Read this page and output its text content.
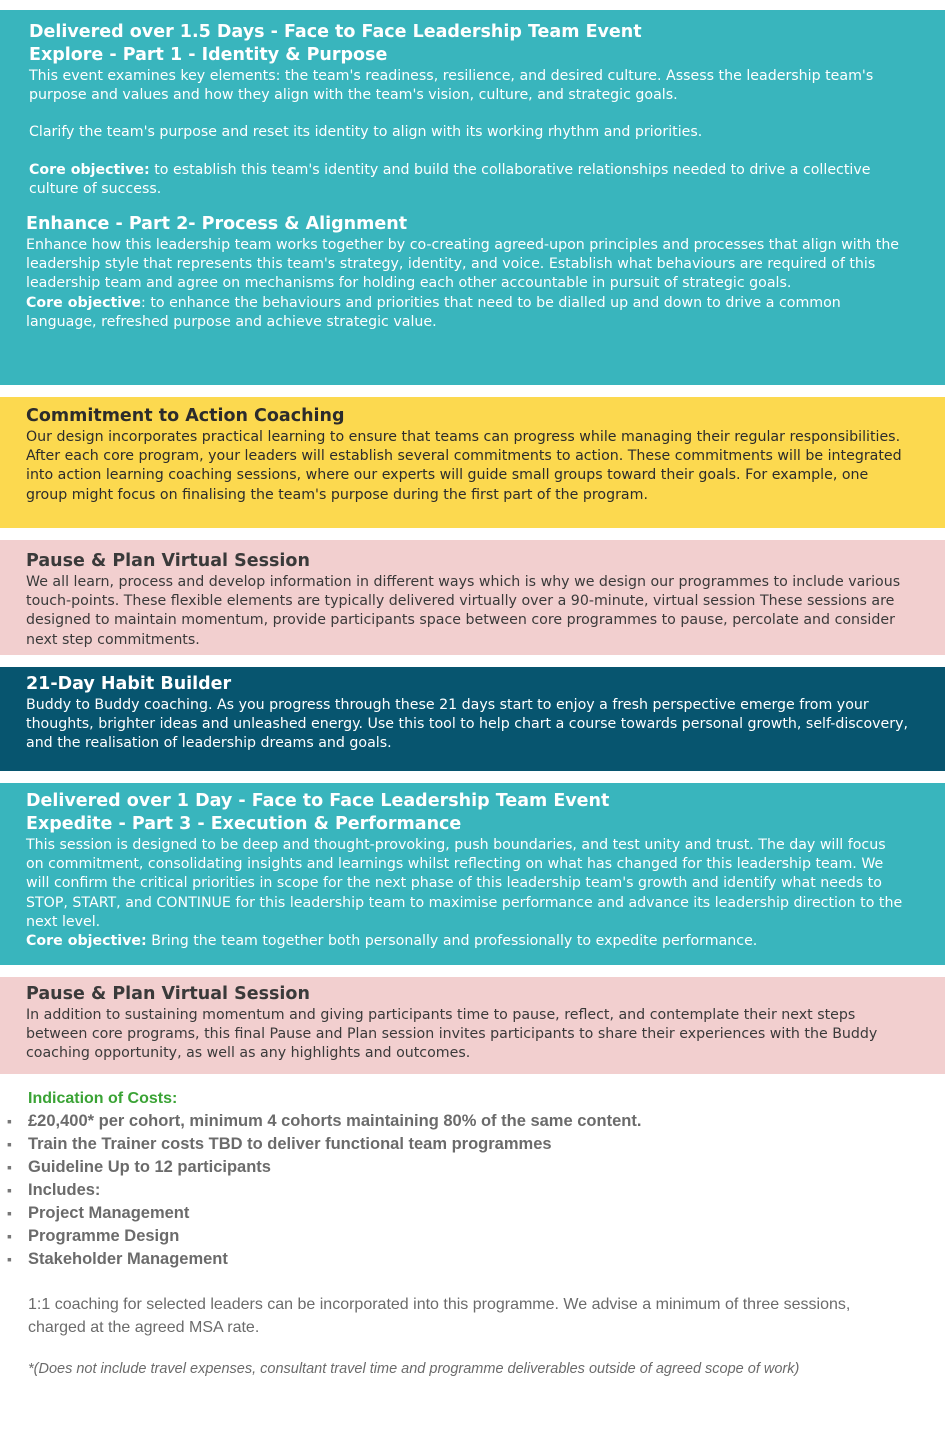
Delivered over 1.5 Days - Face to Face Leadership Team Event

Explore - Part 1 - Identity & Purpose

This event examines key elements: the team's readiness, resilience, and desired culture. Assess the leadership team's purpose and values and how they align with the team's vision, culture, and strategic goals.

Clarify the team's purpose and reset its identity to align with its working rhythm and priorities.

Core objective: to establish this team's identity and build the collaborative relationships needed to drive a collective culture of success.

Enhance - Part 2- Process & Alignment

Enhance how this leadership team works together by co-creating agreed-upon principles and processes that align with the leadership style that represents this team's strategy, identity, and voice. Establish what behaviours are required of this leadership team and agree on mechanisms for holding each other accountable in pursuit of strategic goals.

Core objective: to enhance the behaviours and priorities that need to be dialled up and down to drive a common language, refreshed purpose and achieve strategic value.

Commitment to Action Coaching

Our design incorporates practical learning to ensure that teams can progress while managing their regular responsibilities. After each core program, your leaders will establish several commitments to action. These commitments will be integrated into action learning coaching sessions, where our experts will guide small groups toward their goals. For example, one group might focus on finalising the team's purpose during the first part of the program.

Pause & Plan Virtual Session

We all learn, process and develop information in different ways which is why we design our programmes to include various touch-points. These flexible elements are typically delivered virtually over a 90-minute, virtual session These sessions are designed to maintain momentum, provide participants space between core programmes to pause, percolate and consider next step commitments.

21-Day Habit Builder

Buddy to Buddy coaching. As you progress through these 21 days start to enjoy a fresh perspective emerge from your thoughts, brighter ideas and unleashed energy. Use this tool to help chart a course towards personal growth, self-discovery, and the realisation of leadership dreams and goals.

Delivered over 1 Day - Face to Face Leadership Team Event

Expedite - Part 3 - Execution & Performance

This session is designed to be deep and thought-provoking, push boundaries, and test unity and trust. The day will focus on commitment, consolidating insights and learnings whilst reflecting on what has changed for this leadership team. We will confirm the critical priorities in scope for the next phase of this leadership team's growth and identify what needs to STOP, START, and CONTINUE for this leadership team to maximise performance and advance its leadership direction to the next level.

Core objective: Bring the team together both personally and professionally to expedite performance.

Pause & Plan Virtual Session

In addition to sustaining momentum and giving participants time to pause, reflect, and contemplate their next steps between core programs, this final Pause and Plan session invites participants to share their experiences with the Buddy coaching opportunity, as well as any highlights and outcomes.

Indication of Costs:
▪ £20,400* per cohort, minimum 4 cohorts maintaining 80% of the same content.
▪ Train the Trainer costs TBD to deliver functional team programmes
▪ Guideline Up to 12 participants
▪ Includes:
▪ Project Management
▪ Programme Design
▪ Stakeholder Management
1:1 coaching for selected leaders can be incorporated into this programme. We advise a minimum of three sessions, charged at the agreed MSA rate.
*(Does not include travel expenses, consultant travel time and programme deliverables outside of agreed scope of work)
